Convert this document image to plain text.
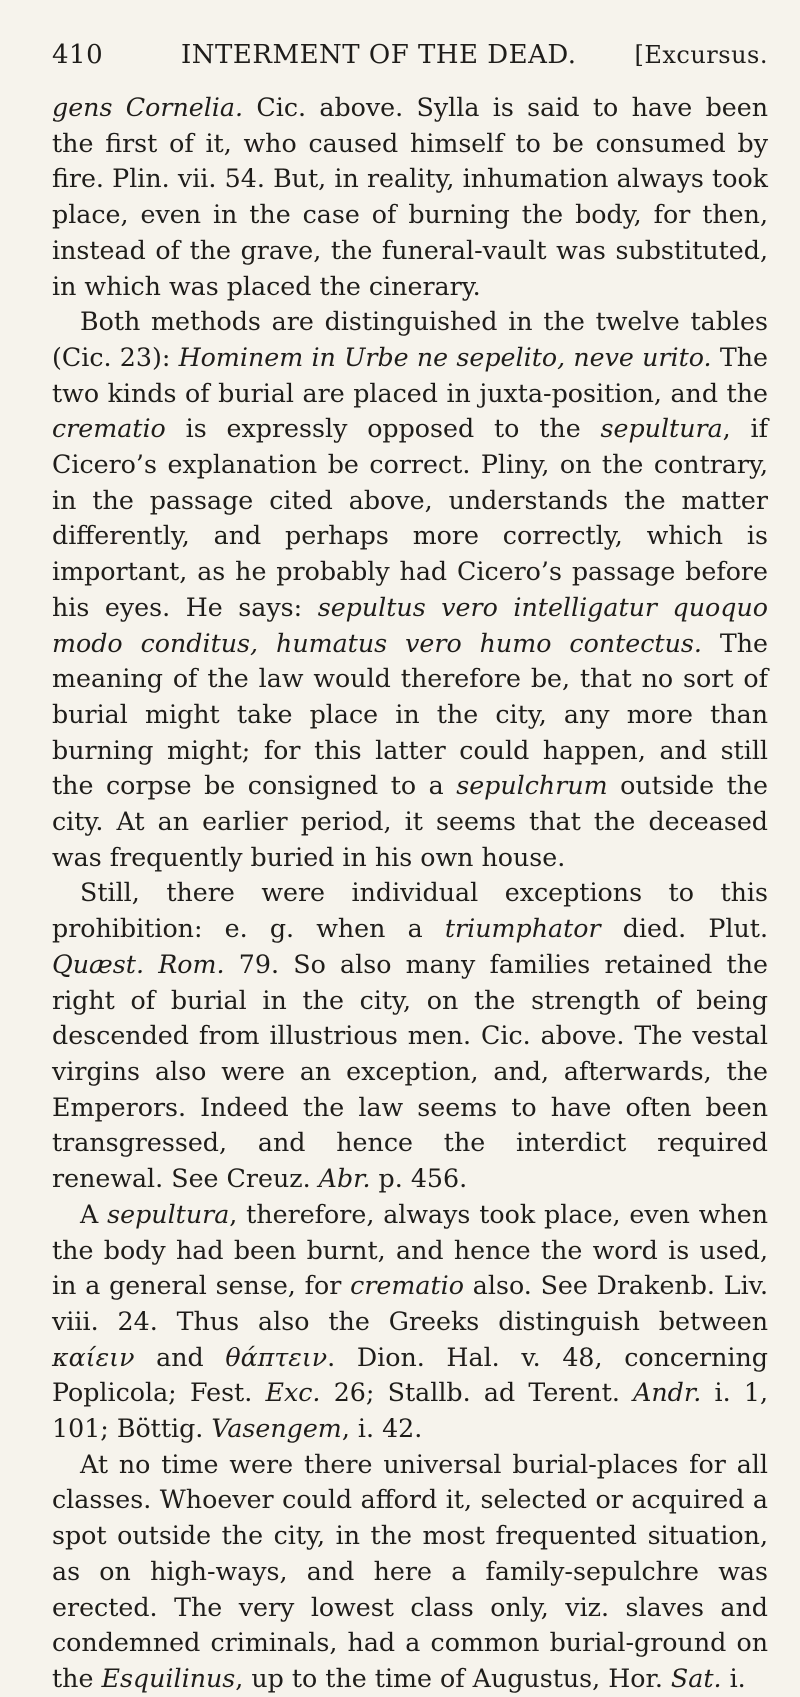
410	INTERMENT OF THE DEAD.	[Excursus.

gens Cornelia. Cic. above. Sylla is said to have been the first of it, who caused himself to be consumed by fire. Plin. vii. 54. But, in reality, inhumation always took place, even in the case of burning the body, for then, instead of the grave, the funeral-vault was substituted, in which was placed the cinerary.

Both methods are distinguished in the twelve tables (Cic. 23): Hominem in Urbe ne sepelito, neve urito. The two kinds of burial are placed in juxta-position, and the crematio is expressly opposed to the sepultura, if Cicero’s explanation be correct. Pliny, on the contrary, in the passage cited above, understands the matter differently, and perhaps more correctly, which is important, as he probably had Cicero’s passage before his eyes. He says: sepultus vero intelligatur quoquo modo conditus, humatus vero humo contectus. The meaning of the law would therefore be, that no sort of burial might take place in the city, any more than burning might; for this latter could happen, and still the corpse be consigned to a sepulchrum outside the city. At an earlier period, it seems that the deceased was frequently buried in his own house.

Still, there were individual exceptions to this prohibition: e. g. when a triumphator died. Plut. Quæst. Rom. 79. So also many families retained the right of burial in the city, on the strength of being descended from illustrious men. Cic. above. The vestal virgins also were an exception, and, afterwards, the Emperors. Indeed the law seems to have often been transgressed, and hence the interdict required renewal. See Creuz. Abr. p. 456.

A sepultura, therefore, always took place, even when the body had been burnt, and hence the word is used, in a general sense, for crematio also. See Drakenb. Liv. viii. 24. Thus also the Greeks distinguish between καίειν and θάπτειν. Dion. Hal. v. 48, concerning Poplicola; Fest. Exc. 26; Stallb. ad Terent. Andr. i. 1, 101; Böttig. Vasengem, i. 42.

At no time were there universal burial-places for all classes. Whoever could afford it, selected or acquired a spot outside the city, in the most frequented situation, as on high-ways, and here a family-sepulchre was erected. The very lowest class only, viz. slaves and condemned criminals, had a common burial-ground on the Esquilinus, up to the time of Augustus, Hor. Sat. i.
